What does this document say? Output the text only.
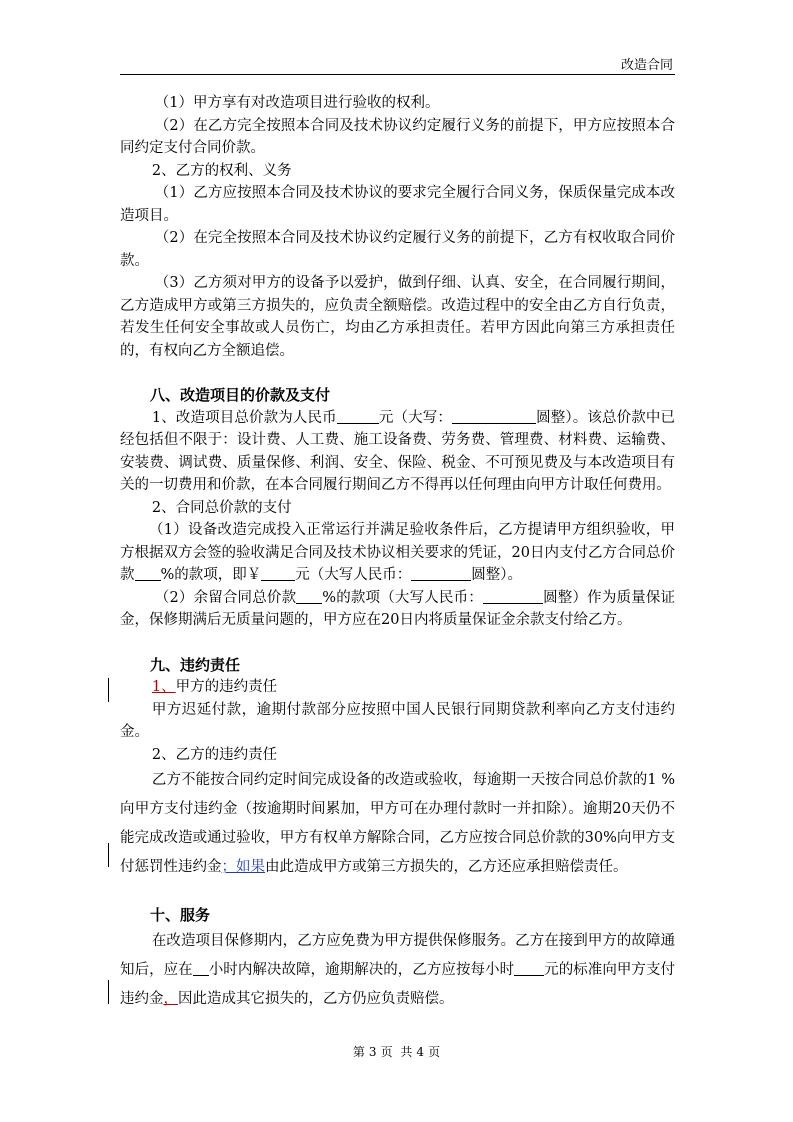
改造合同

（1）甲方享有对改造项目进行验收的权利。

（2）在乙方完全按照本合同及技术协议约定履行义务的前提下，甲方应按照本合同约定支付合同价款。

2、乙方的权利、义务

（1）乙方应按照本合同及技术协议的要求完全履行合同义务，保质保量完成本改造项目。

（2）在完全按照本合同及技术协议约定履行义务的前提下，乙方有权收取合同价款。

（3）乙方须对甲方的设备予以爱护，做到仔细、认真、安全，在合同履行期间，乙方造成甲方或第三方损失的，应负责全额赔偿。改造过程中的安全由乙方自行负责，若发生任何安全事故或人员伤亡，均由乙方承担责任。若甲方因此向第三方承担责任的，有权向乙方全额追偿。

八、改造项目的价款及支付

1、改造项目总价款为人民币	元（大写：	圆整）。该总价款中已经包括但不限于：设计费、人工费、施工设备费、劳务费、管理费、材料费、运输费、安装费、调试费、质量保修、利润、安全、保险、税金、不可预见费及与本改造项目有关的一切费用和价款，在本合同履行期间乙方不得再以任何理由向甲方计取任何费用。

2、合同总价款的支付

（1）设备改造完成投入正常运行并满足验收条件后，乙方提请甲方组织验收，甲方根据双方会签的验收满足合同及技术协议相关要求的凭证，20日内支付乙方合同总价款 %的款项，即￥ 元（大写人民币：	圆整）。

（2）余留合同总价款 %的款项（大写人民币：	圆整）作为质量保证金，保修期满后无质量问题的，甲方应在20日内将质量保证金余款支付给乙方。

九、违约责任

1、甲方的违约责任

甲方迟延付款，逾期付款部分应按照中国人民银行同期贷款利率向乙方支付违约金。

2、乙方的违约责任

乙方不能按合同约定时间完成设备的改造或验收，每逾期一天按合同总价款的1 %向甲方支付违约金（按逾期时间累加，甲方可在办理付款时一并扣除）。逾期20天仍不能完成改造或通过验收，甲方有权单方解除合同，乙方应按合同总价款的30%向甲方支付惩罚性违约金；如果由此造成甲方或第三方损失的，乙方还应承担赔偿责任。

十、服务

在改造项目保修期内，乙方应免费为甲方提供保修服务。乙方在接到甲方的故障通知后，应在 小时内解决故障，逾期解决的，乙方应按每小时 元的标准向甲方支付违约金，因此造成其它损失的，乙方仍应负责赔偿。

第 3 页 共 4 页
